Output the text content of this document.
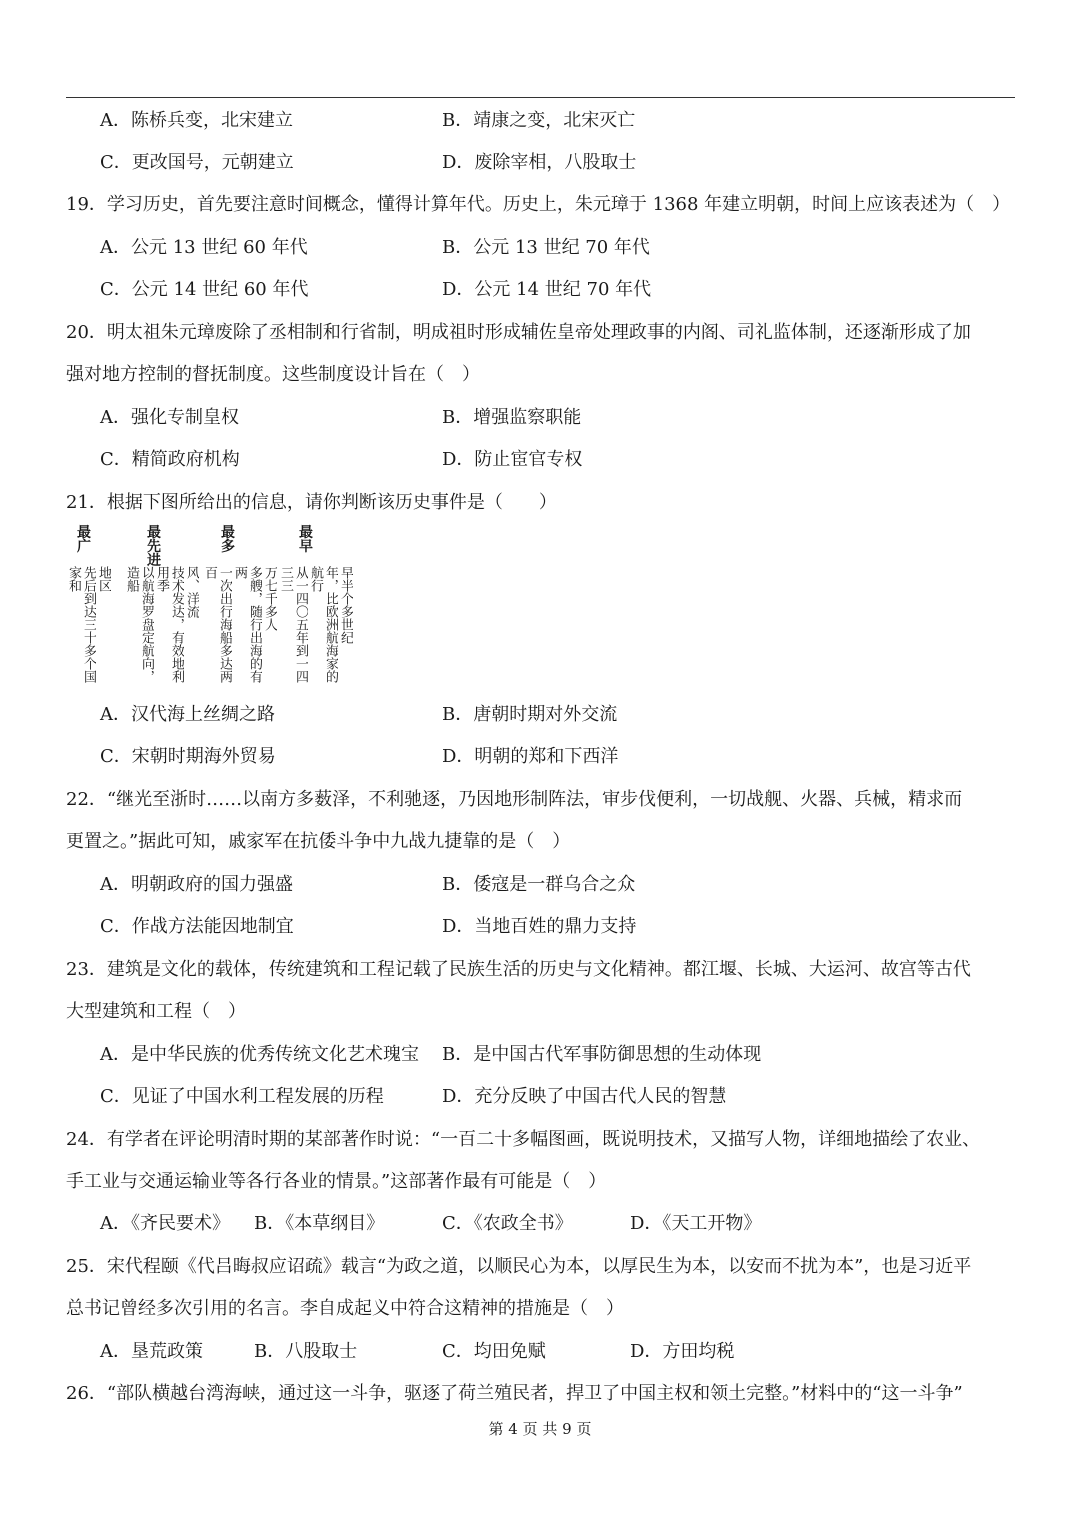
A．陈桥兵变，北宋建立	B．靖康之变，北宋灭亡
C．更改国号，元朝建立	D．废除宰相，八股取士
19．学习历史，首先要注意时间概念，懂得计算年代。历史上，朱元璋于 1368 年建立明朝，时间上应该表述为（　）
A．公元 13 世纪 60 年代	B．公元 13 世纪 70 年代
C．公元 14 世纪 60 年代	D．公元 14 世纪 70 年代
20．明太祖朱元璋废除了丞相制和行省制，明成祖时形成辅佐皇帝处理政事的内阁、司礼监体制，还逐渐形成了加
强对地方控制的督抚制度。这些制度设计旨在（　）
A．强化专制皇权	B．增强监察职能
C．精简政府机构	D．防止宦官专权
21．根据下图所给出的信息，请你判断该历史事件是（　　）
最广
地区
先后到达三十多个国家和
最先进
风、洋流
技术发达，有效地利用季
以航海罗盘定航向，造船
最多
万七千多人
多艘，随行出海的有两
一次出行海船多达两百
最早
早半个多世纪
年，比欧洲航海家的航行
从一四〇五年到一四三三
A．汉代海上丝绸之路	B．唐朝时期对外交流
C．宋朝时期海外贸易	D．明朝的郑和下西洋
22．“继光至浙时……以南方多薮泽，不利驰逐，乃因地形制阵法，审步伐便利，一切战舰、火器、兵械，精求而
更置之。”据此可知，戚家军在抗倭斗争中九战九捷靠的是（　）
A．明朝政府的国力强盛	B．倭寇是一群乌合之众
C．作战方法能因地制宜	D．当地百姓的鼎力支持
23．建筑是文化的载体，传统建筑和工程记载了民族生活的历史与文化精神。都江堰、长城、大运河、故宫等古代
大型建筑和工程（　）
A．是中华民族的优秀传统文化艺术瑰宝 B．是中国古代军事防御思想的生动体现
C．见证了中国水利工程发展的历程	D．充分反映了中国古代人民的智慧
24．有学者在评论明清时期的某部著作时说：“一百二十多幅图画，既说明技术，又描写人物，详细地描绘了农业、
手工业与交通运输业等各行各业的情景。”这部著作最有可能是（　）
A．《齐民要术》 B．《本草纲目》	C．《农政全书》	D．《天工开物》
25．宋代程颐《代吕晦叔应诏疏》载言“为政之道，以顺民心为本，以厚民生为本，以安而不扰为本”，也是习近平
总书记曾经多次引用的名言。李自成起义中符合这精神的措施是（　）
A．垦荒政策	B．八股取士	C．均田免赋	D．方田均税
26．“部队横越台湾海峡，通过这一斗争，驱逐了荷兰殖民者，捍卫了中国主权和领土完整。”材料中的“这一斗争”
第 4 页 共 9 页
